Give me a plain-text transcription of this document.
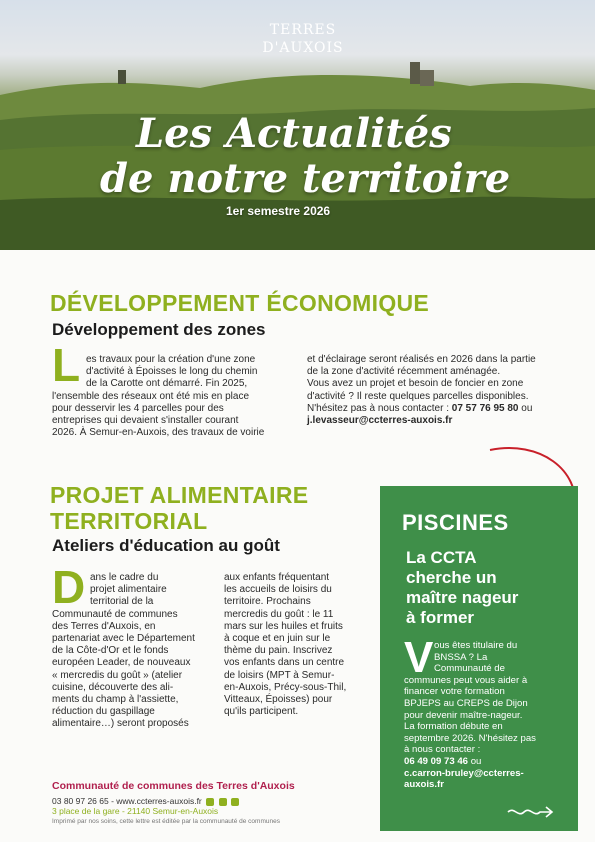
TERRES
D'AUXOIS
Les Actualités
de notre territoire
1er semestre 2026
DÉVELOPPEMENT ÉCONOMIQUE
Développement des zones
L es travaux pour la création d'une zone
d'activité à Époisses le long du chemin
de la Carotte ont démarré. Fin 2025,
l'ensemble des réseaux ont été mis en place
pour desservir les 4 parcelles pour des
entreprises qui devaient s'installer courant
2026. À Semur-en-Auxois, des travaux de voirie
et d'éclairage seront réalisés en 2026 dans la partie
de la zone d'activité récemment aménagée.
Vous avez un projet et besoin de foncier en zone
d'activité ? Il reste quelques parcelles disponibles.
N'hésitez pas à nous contacter : 07 57 76 95 80 ou
j.levasseur@ccterres-auxois.fr
PROJET ALIMENTAIRE
TERRITORIAL
Ateliers d'éducation au goût
D ans le cadre du
projet alimentaire
territorial de la
Communauté de communes
des Terres d'Auxois, en
partenariat avec le Département
de la Côte-d'Or et le fonds
européen Leader, de nouveaux
« mercredis du goût » (atelier
cuisine, découverte des ali-
ments du champ à l'assiette,
réduction du gaspillage
alimentaire…) seront proposés
aux enfants fréquentant
les accueils de loisirs du
territoire. Prochains
mercredis du goût : le 11
mars sur les huiles et fruits
à coque et en juin sur le
thème du pain. Inscrivez
vos enfants dans un centre
de loisirs (MPT à Semur-
en-Auxois, Précy-sous-Thil,
Vitteaux, Époisses) pour
qu'ils participent.
PISCINES
La CCTA
cherche un
maître nageur
à former
V ous êtes titulaire du
BNSSA ? La
Communauté de
communes peut vous aider à
financer votre formation
BPJEPS au CREPS de Dijon
pour devenir maître-nageur.
La formation débute en
septembre 2026. N'hésitez pas
à nous contacter :
06 49 09 73 46 ou
c.carron-bruley@ccterres-
auxois.fr
Communauté de communes des Terres d'Auxois
03 80 97 26 65 - www.ccterres-auxois.fr
3 place de la gare - 21140 Semur-en-Auxois
Imprimé par nos soins, cette lettre est éditée par la communauté de communes
